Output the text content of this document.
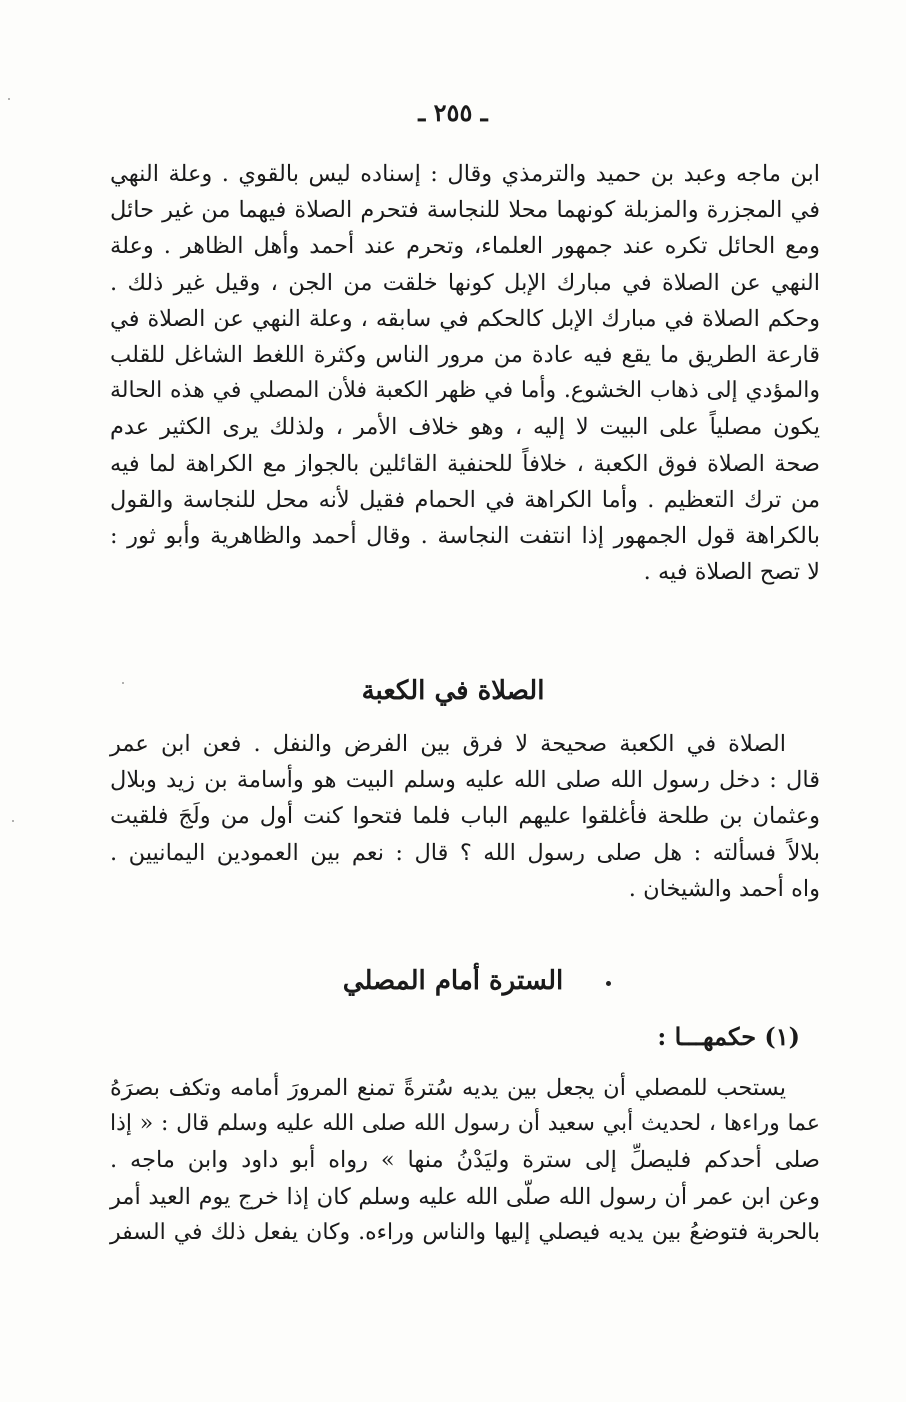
ـ ٢٥٥ ـ
ابن ماجه وعبد بن حميد والترمذي وقال : إسناده ليس بالقوي . وعلة النهي
في المجزرة والمزبلة كونهما محلا للنجاسة فتحرم الصلاة فيهما من غير حائل
ومع الحائل تكره عند جمهور العلماء، وتحرم عند أحمد وأهل الظاهر . وعلة
النهي عن الصلاة في مبارك الإبل كونها خلقت من الجن ، وقيل غير ذلك .
وحكم الصلاة في مبارك الإبل كالحكم في سابقه ، وعلة النهي عن الصلاة في
قارعة الطريق ما يقع فيه عادة من مرور الناس وكثرة اللغط الشاغل للقلب
والمؤدي إلى ذهاب الخشوع. وأما في ظهر الكعبة فلأن المصلي في هذه الحالة
يكون مصلياً على البيت لا إليه ، وهو خلاف الأمر ، ولذلك يرى الكثير عدم
صحة الصلاة فوق الكعبة ، خلافاً للحنفية القائلين بالجواز مع الكراهة لما فيه
من ترك التعظيم . وأما الكراهة في الحمام فقيل لأنه محل للنجاسة والقول
بالكراهة قول الجمهور إذا انتفت النجاسة . وقال أحمد والظاهرية وأبو ثور :
لا تصح الصلاة فيه .
الصلاة في الكعبة
الصلاة في الكعبة صحيحة لا فرق بين الفرض والنفل . فعن ابن عمر
قال : دخل رسول الله صلى الله عليه وسلم البيت هو وأسامة بن زيد وبلال
وعثمان بن طلحة فأغلقوا عليهم الباب فلما فتحوا كنت أول من ولَجَ فلقيت
بلالاً فسألته : هل صلى رسول الله ؟ قال : نعم بين العمودين اليمانيين .
واه أحمد والشيخان .
السترة أمام المصلي
(١) حكمهـــا :
يستحب للمصلي أن يجعل بين يديه سُترةً تمنع المرورَ أمامه وتكف بصرَهُ
عما وراءها ، لحديث أبي سعيد أن رسول الله صلى الله عليه وسلم قال : « إذا
صلى أحدكم فليصلِّ إلى سترة وليَدْنُ منها » رواه أبو داود وابن ماجه .
وعن ابن عمر أن رسول الله صلّى الله عليه وسلم كان إذا خرج يوم العيد أمر
بالحربة فتوضعُ بين يديه فيصلي إليها والناس وراءه. وكان يفعل ذلك في السفر
